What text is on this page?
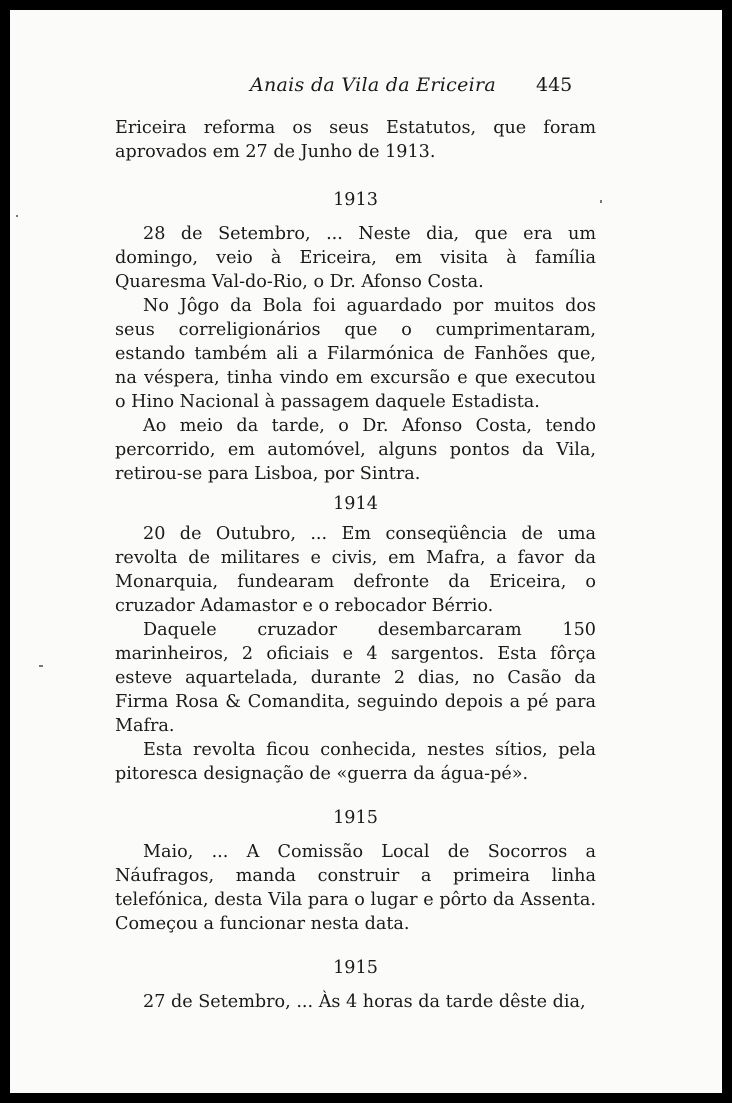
Anais da Vila da Ericeira 445

Ericeira reforma os seus Estatutos, que foram aprovados em 27 de Junho de 1913.

1913

28 de Setembro, ... Neste dia, que era um domingo, veio à Ericeira, em visita à família Quaresma Val-do-Rio, o Dr. Afonso Costa.

No Jôgo da Bola foi aguardado por muitos dos seus correligionários que o cumprimentaram, estando também ali a Filarmónica de Fanhões que, na véspera, tinha vindo em excursão e que executou o Hino Nacional à passagem daquele Estadista.

Ao meio da tarde, o Dr. Afonso Costa, tendo percorrido, em automóvel, alguns pontos da Vila, retirou-se para Lisboa, por Sintra.

1914

20 de Outubro, ... Em conseqüência de uma revolta de militares e civis, em Mafra, a favor da Monarquia, fundearam defronte da Ericeira, o cruzador Adamastor e o rebocador Bérrio.

Daquele cruzador desembarcaram 150 marinheiros, 2 oficiais e 4 sargentos. Esta fôrça esteve aquartelada, durante 2 dias, no Casão da Firma Rosa & Comandita, seguindo depois a pé para Mafra.

Esta revolta ficou conhecida, nestes sítios, pela pitoresca designação de «guerra da água-pé».

1915

Maio, ... A Comissão Local de Socorros a Náufragos, manda construir a primeira linha telefónica, desta Vila para o lugar e pôrto da Assenta. Começou a funcionar nesta data.

1915

27 de Setembro, ... Às 4 horas da tarde dêste dia,
